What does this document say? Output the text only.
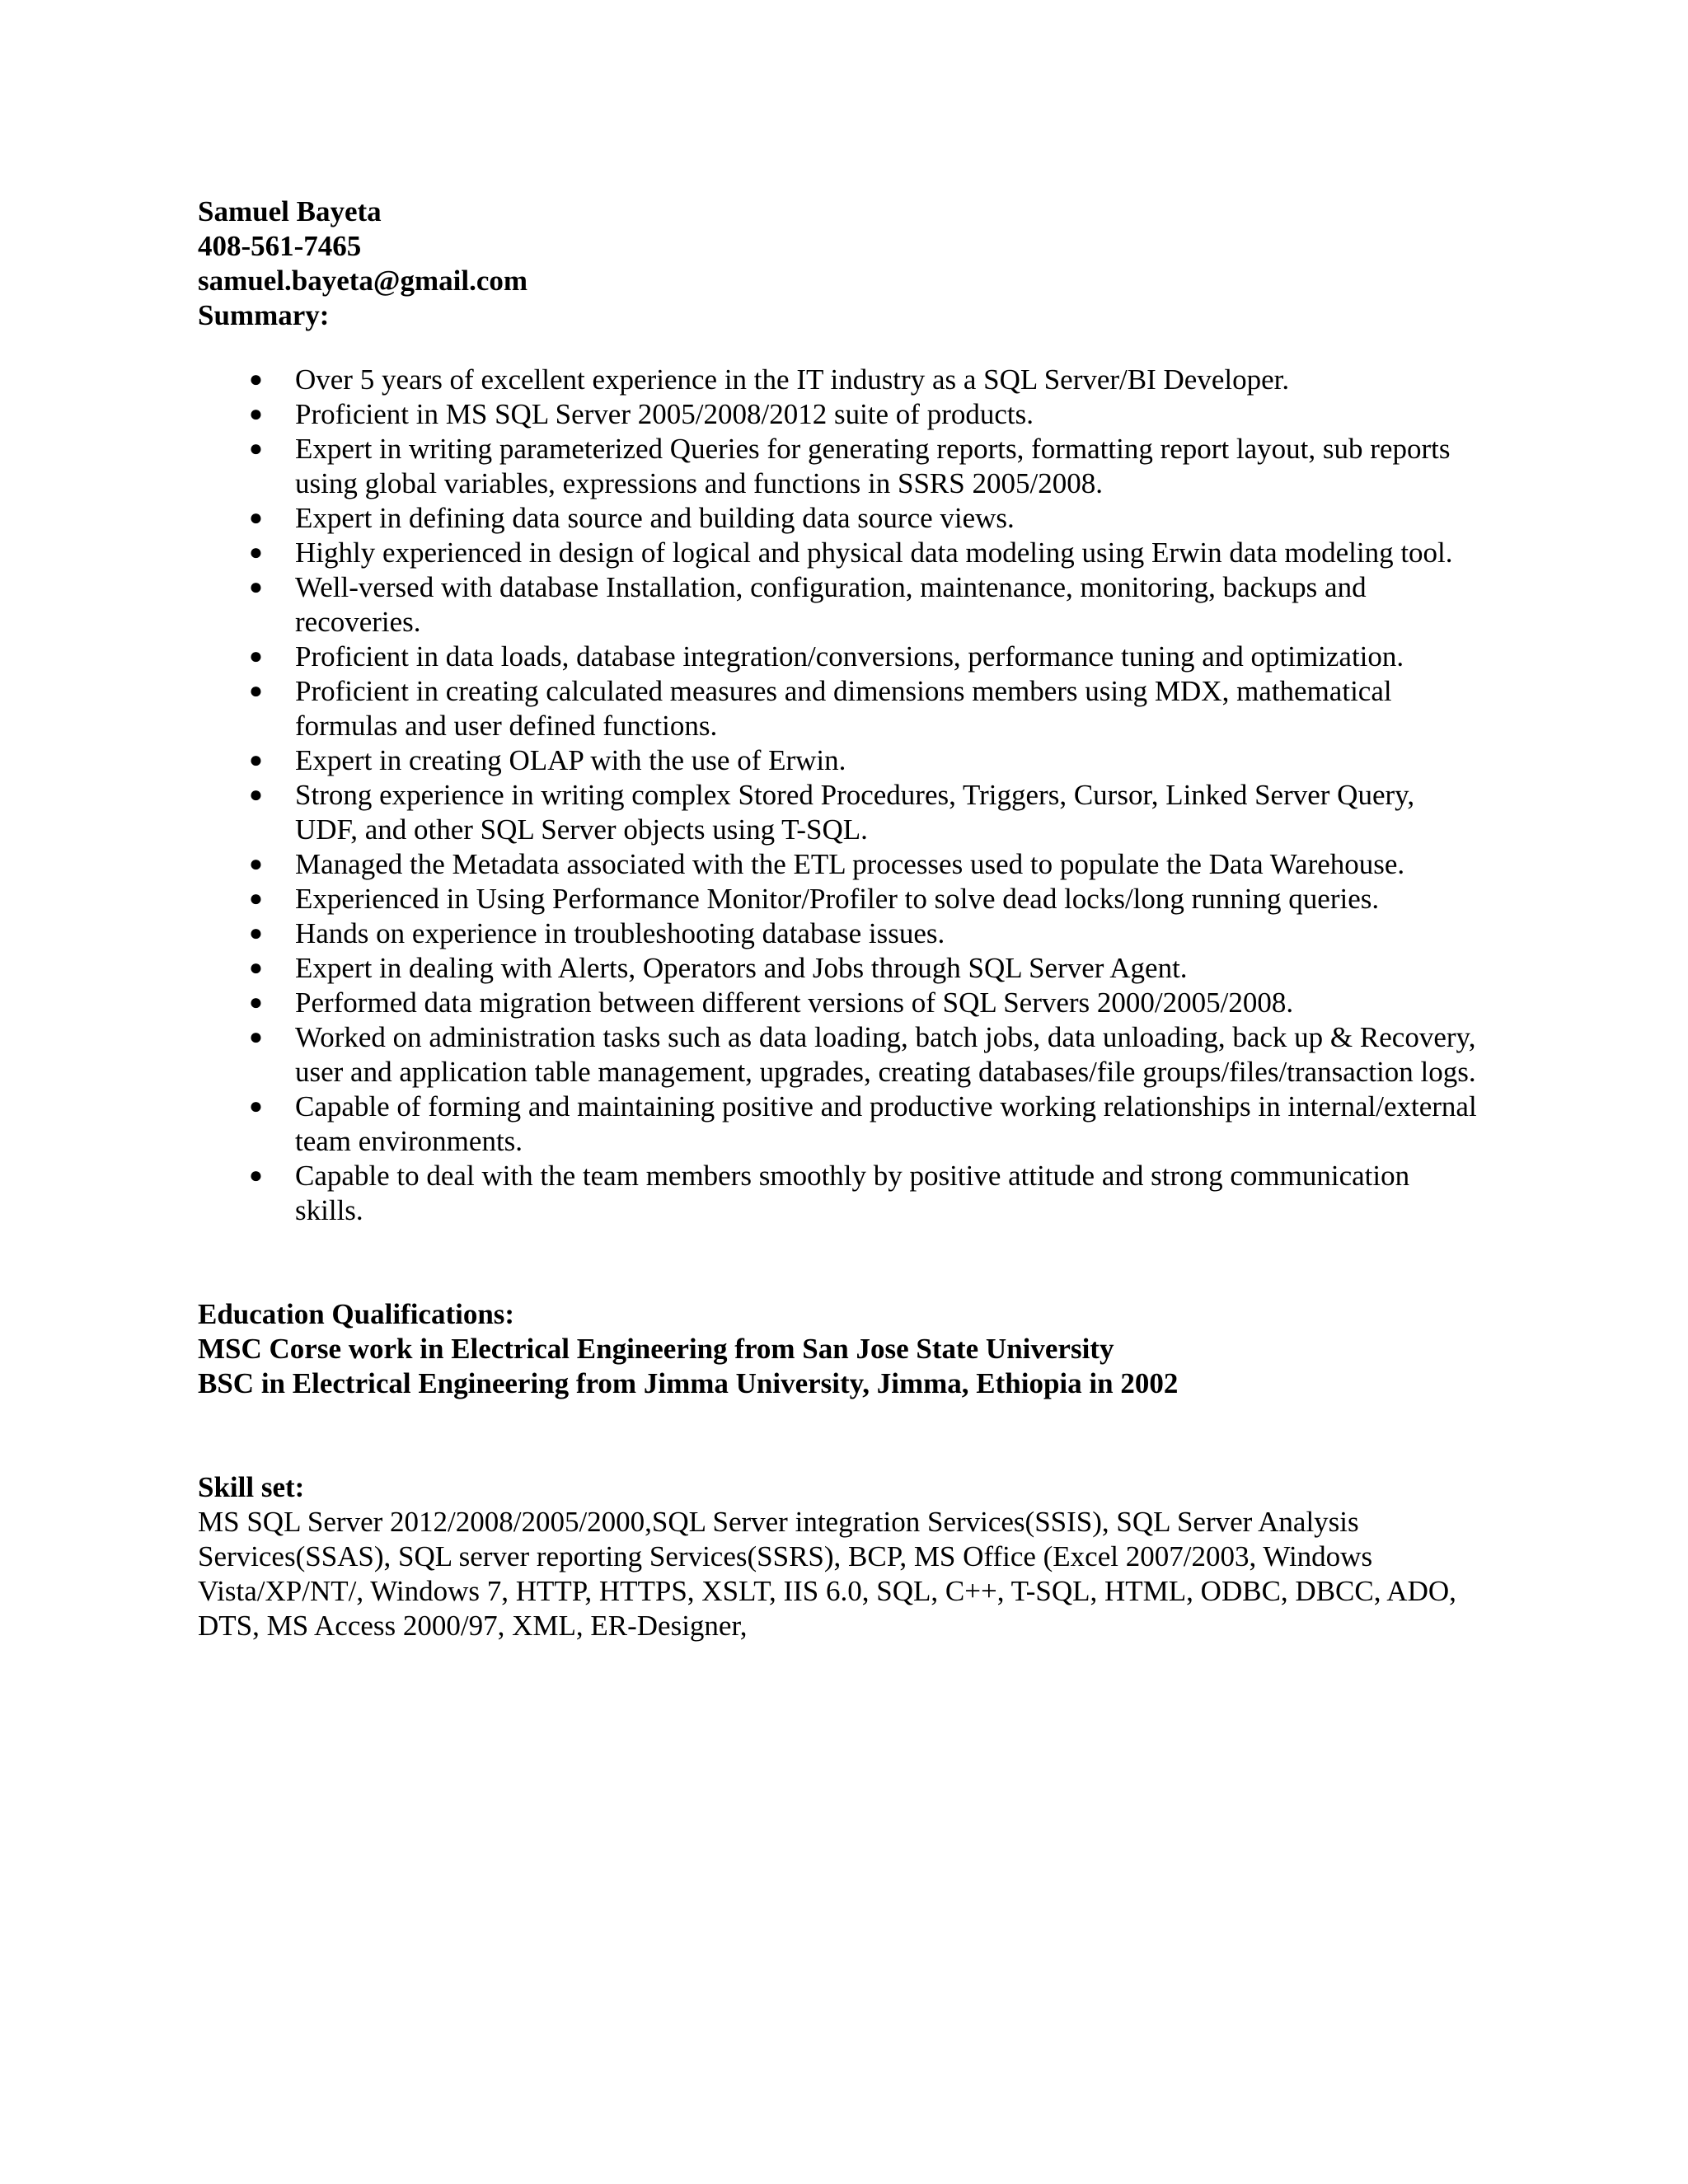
Samuel Bayeta

408-561-7465

samuel.bayeta@gmail.com

Summary:

● Over 5 years of excellent experience in the IT industry as a SQL Server/BI Developer.
● Proficient in MS SQL Server 2005/2008/2012 suite of products.
● Expert in writing parameterized Queries for generating reports, formatting report layout, sub reports using global variables, expressions and functions in SSRS 2005/2008.
● Expert in defining data source and building data source views.
● Highly experienced in design of logical and physical data modeling using Erwin data modeling tool.
● Well-versed with database Installation, configuration, maintenance, monitoring, backups and recoveries.
● Proficient in data loads, database integration/conversions, performance tuning and optimization.
● Proficient in creating calculated measures and dimensions members using MDX, mathematical formulas and user defined functions.
● Expert in creating OLAP with the use of Erwin.
● Strong experience in writing complex Stored Procedures, Triggers, Cursor, Linked Server Query, UDF, and other SQL Server objects using T-SQL.
● Managed the Metadata associated with the ETL processes used to populate the Data Warehouse.
● Experienced in Using Performance Monitor/Profiler to solve dead locks/long running queries.
● Hands on experience in troubleshooting database issues.
● Expert in dealing with Alerts, Operators and Jobs through SQL Server Agent.
● Performed data migration between different versions of SQL Servers 2000/2005/2008.
● Worked on administration tasks such as data loading, batch jobs, data unloading, back up & Recovery, user and application table management, upgrades, creating databases/file groups/files/transaction logs.
● Capable of forming and maintaining positive and productive working relationships in internal/external team environments.
● Capable to deal with the team members smoothly by positive attitude and strong communication skills.

Education Qualifications:

MSC Corse work in Electrical Engineering from San Jose State University

BSC in Electrical Engineering from Jimma University, Jimma, Ethiopia in 2002

Skill set:

MS SQL Server 2012/2008/2005/2000,SQL Server integration Services(SSIS), SQL Server Analysis Services(SSAS), SQL server reporting Services(SSRS), BCP, MS Office (Excel 2007/2003, Windows Vista/XP/NT/, Windows 7, HTTP, HTTPS, XSLT, IIS 6.0, SQL, C++, T-SQL, HTML, ODBC, DBCC, ADO, DTS, MS Access 2000/97, XML, ER-Designer,
